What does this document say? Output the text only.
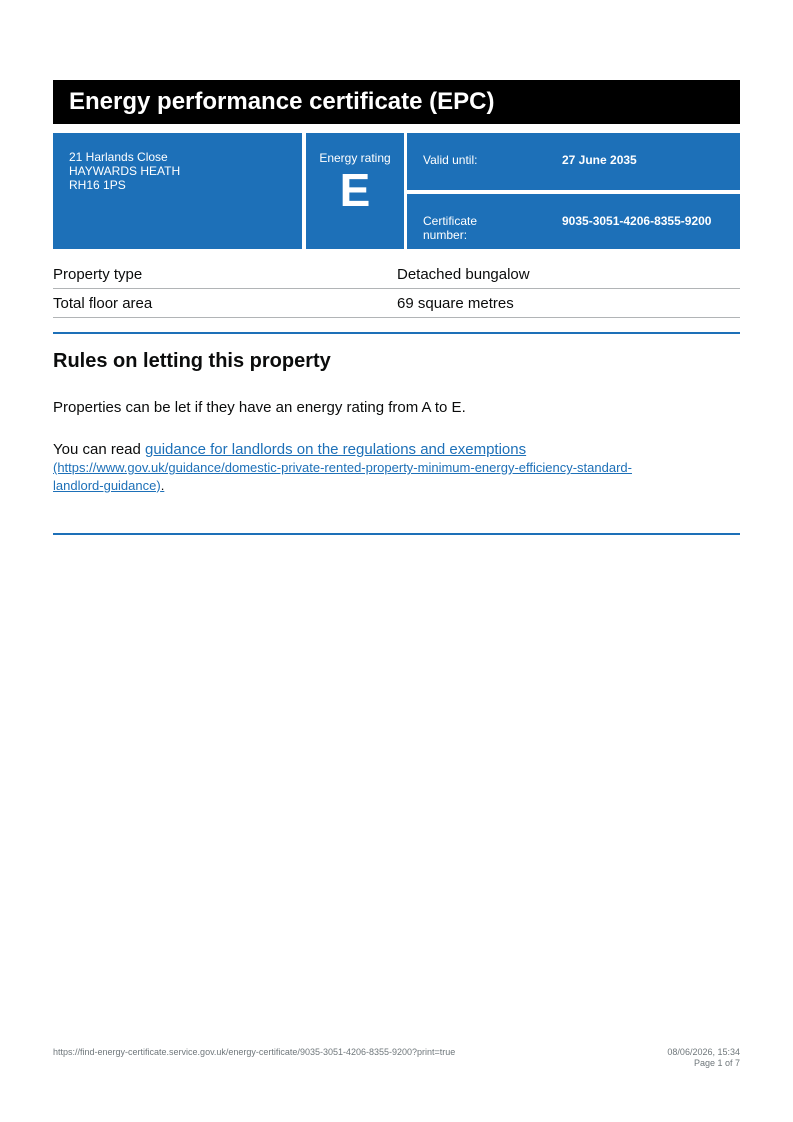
Energy performance certificate (EPC)
21 Harlands Close
HAYWARDS HEATH
RH16 1PS
Energy rating
E
Valid until:	27 June 2035
Certificate
number:
9035-3051-4206-8355-9200
Property type	Detached bungalow
Total floor area	69 square metres
Rules on letting this property
Properties can be let if they have an energy rating from A to E.
You can read guidance for landlords on the regulations and exemptions
(https://www.gov.uk/guidance/domestic-private-rented-property-minimum-energy-efficiency-standard-
landlord-guidance).
https://find-energy-certificate.service.gov.uk/energy-certificate/9035-3051-4206-8355-9200?print=true	08/06/2026, 15:34
Page 1 of 7
